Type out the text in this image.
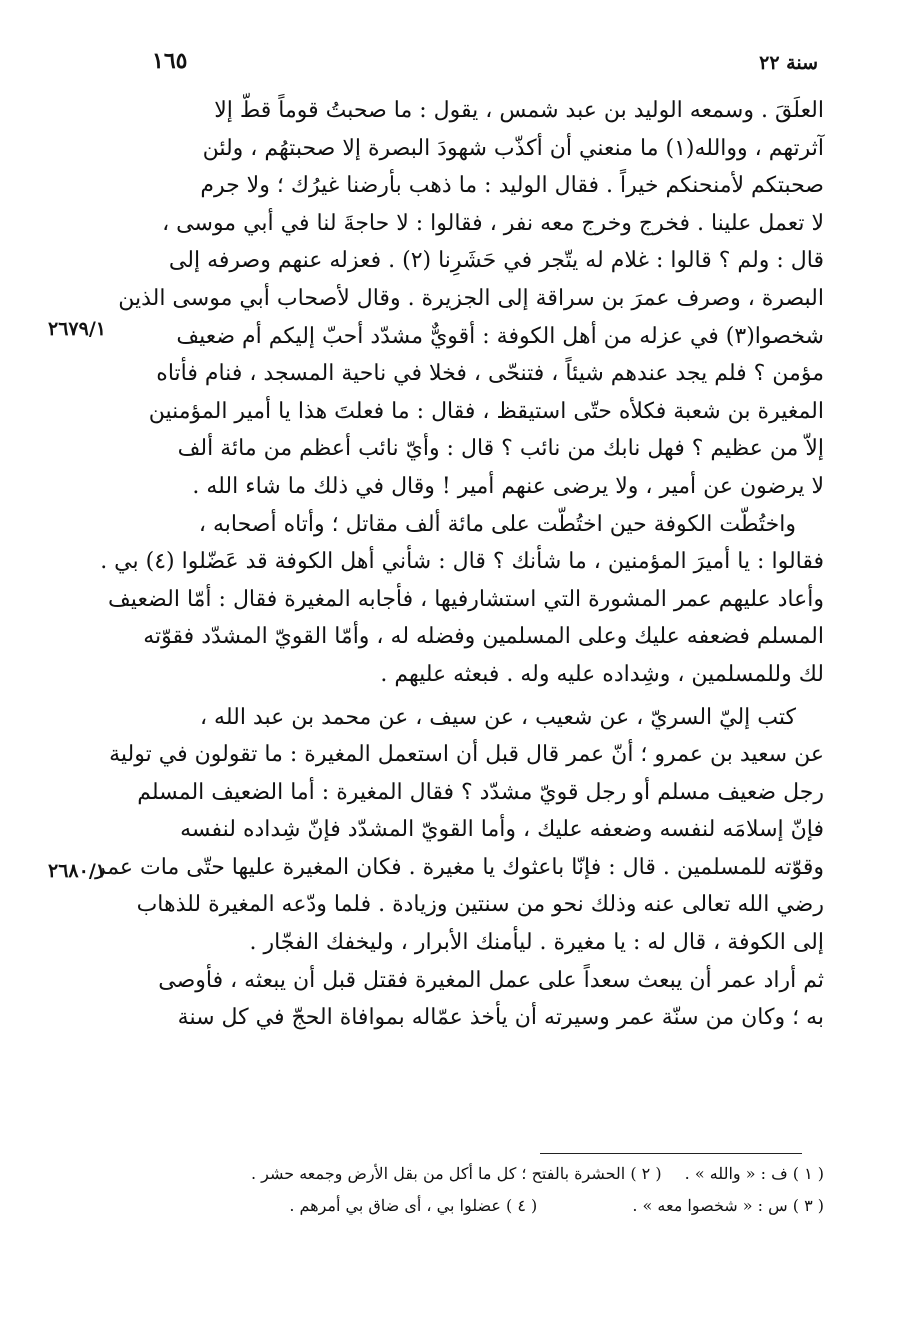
١٦٥	سنة ٢٢
٢٦٧٩/١
٢٦٨٠/١
العلَقَ . وسمعه الوليد بن عبد شمس ، يقول : ما صحبتُ قوماً قطّ إلا
آثرتهم ، ووالله(١) ما منعني أن أكذّب شهودَ البصرة إلا صحبتهُم ، ولئن
صحبتكم لأمنحنكم خيراً . فقال الوليد : ما ذهب بأرضنا غيرُك ؛ ولا جرم
لا تعمل علينا . فخرج وخرج معه نفر ، فقالوا : لا حاجةَ لنا في أبي موسى ،
قال : ولم ؟ قالوا : غلام له يتّجر في حَشَرِنا (٢) . فعزله عنهم وصرفه إلى
البصرة ، وصرف عمرَ بن سراقة إلى الجزيرة . وقال لأصحاب أبي موسى الذين
شخصوا(٣) في عزله من أهل الكوفة : أقويٌّ مشدّد أحبّ إليكم أم ضعيف
مؤمن ؟ فلم يجد عندهم شيئاً ، فتنحّى ، فخلا في ناحية المسجد ، فنام فأتاه
المغيرة بن شعبة فكلأه حتّى استيقظ ، فقال : ما فعلتَ هذا يا أمير المؤمنين
إلاّ من عظيم ؟ فهل نابك من نائب ؟ قال : وأيّ نائب أعظم من مائة ألف
لا يرضون عن أمير ، ولا يرضى عنهم أمير ! وقال في ذلك ما شاء الله .
واختُطّت الكوفة حين اختُطّت على مائة ألف مقاتل ؛ وأتاه أصحابه ،
فقالوا : يا أميرَ المؤمنين ، ما شأنك ؟ قال : شأني أهل الكوفة قد عَضّلوا (٤) بي .
وأعاد عليهم عمر المشورة التي استشارفيها ، فأجابه المغيرة فقال : أمّا الضعيف
المسلم فضعفه عليك وعلى المسلمين وفضله له ، وأمّا القويّ المشدّد فقوّته
لك وللمسلمين ، وشِداده عليه وله . فبعثه عليهم .
كتب إليّ السريّ ، عن شعيب ، عن سيف ، عن محمد بن عبد الله ،
عن سعيد بن عمرو ؛ أنّ عمر قال قبل أن استعمل المغيرة : ما تقولون في تولية
رجل ضعيف مسلم أو رجل قويّ مشدّد ؟ فقال المغيرة : أما الضعيف المسلم
فإنّ إسلامَه لنفسه وضعفه عليك ، وأما القويّ المشدّد فإنّ شِداده لنفسه
وقوّته للمسلمين . قال : فإنّا باعثوك يا مغيرة . فكان المغيرة عليها حتّى مات عمر
رضي الله تعالى عنه وذلك نحو من سنتين وزيادة . فلما ودّعه المغيرة للذهاب
إلى الكوفة ، قال له : يا مغيرة . ليأمنك الأبرار ، وليخفك الفجّار .
ثم أراد عمر أن يبعث سعداً على عمل المغيرة فقتل قبل أن يبعثه ، فأوصى
به ؛ وكان من سنّة عمر وسيرته أن يأخذ عمّاله بموافاة الحجّ في كل سنة
( ١ ) ف : « والله » . ( ٢ ) الحشرة بالفتح ؛ كل ما أكل من بقل الأرض وجمعه حشر .
( ٣ ) س : « شخصوا معه » . ( ٤ ) عضلوا بي ، أى ضاق بي أمرهم .
